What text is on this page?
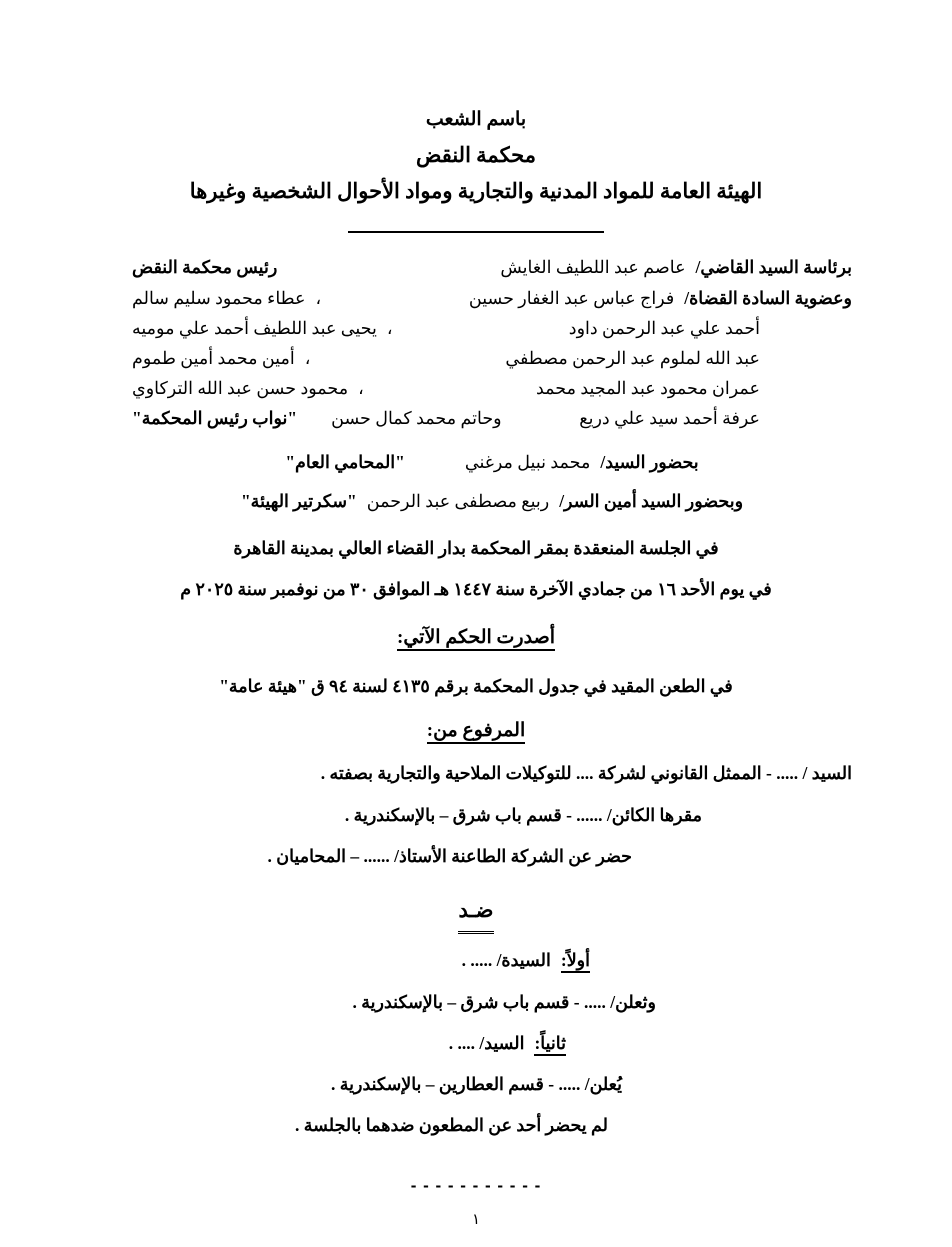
باسم الشعب
محكمة النقض
الهيئة العامة للمواد المدنية والتجارية ومواد الأحوال الشخصية وغيرها
برئاسة السيد القاضي/عاصم عبد اللطيف الغايش
رئيس محكمة النقض
وعضوية السادة القضاة/فراج عباس عبد الغفار حسين
،عطاء محمود سليم سالم
أحمد علي عبد الرحمن داود
،يحيى عبد اللطيف أحمد علي موميه
عبد الله لملوم عبد الرحمن مصطفي
،أمين محمد أمين طموم
عمران محمود عبد المجيد محمد
،محمود حسن عبد الله التركاوي
عرفة أحمد سيد علي دريع
وحاتم محمد كمال حسن"نواب رئيس المحكمة"
بحضور السيد/
محمد نبيل مرغني
"المحامي العام"
وبحضور السيد أمين السر/
ربيع مصطفى عبد الرحمن
"سكرتير الهيئة"
في الجلسة المنعقدة بمقر المحكمة بدار القضاء العالي بمدينة القاهرة
في يوم الأحد ١٦ من جمادي الآخرة سنة ١٤٤٧ هـ الموافق ٣٠ من نوفمبر سنة ٢٠٢٥ م
أصدرت الحكم الآتي:
في الطعن المقيد في جدول المحكمة برقم ٤١٣٥ لسنة ٩٤ ق "هيئة عامة"
المرفوع من:
السيد / ..... - الممثل القانوني لشركة .... للتوكيلات الملاحية والتجارية بصفته .
مقرها الكائن/ ...... - قسم باب شرق – بالإسكندرية .
حضر عن الشركة الطاعنة الأستاذ/ ...... – المحاميان .
ضـد
أولاً:السيدة/ ..... .
وثعلن/ ..... - قسم باب شرق – بالإسكندرية .
ثانياً:السيد/ .... .
يُعلن/ ..... - قسم العطارين – بالإسكندرية .
لم يحضر أحد عن المطعون ضدهما بالجلسة .
- - - - - - - - - - -
١
